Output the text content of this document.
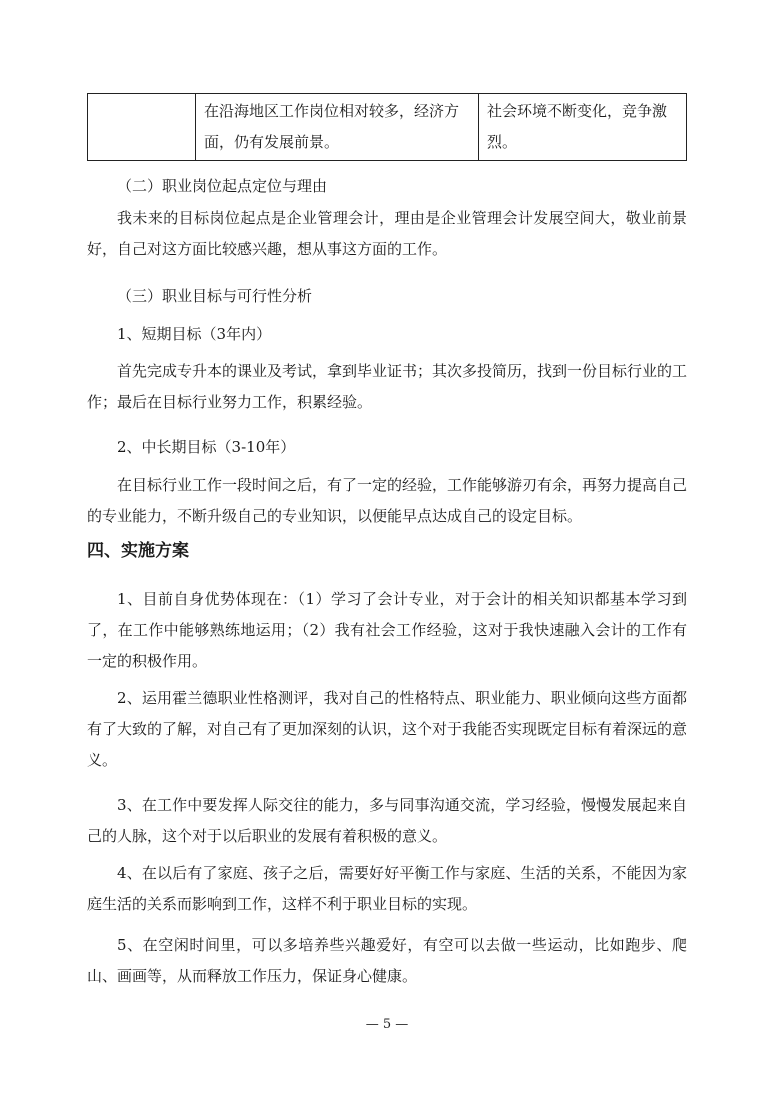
	在沿海地区工作岗位相对较多，经济方面，仍有发展前景。	社会环境不断变化，竞争激烈。

（二）职业岗位起点定位与理由

我未来的目标岗位起点是企业管理会计，理由是企业管理会计发展空间大，敬业前景好，自己对这方面比较感兴趣，想从事这方面的工作。

（三）职业目标与可行性分析

1、短期目标（3年内）

首先完成专升本的课业及考试，拿到毕业证书；其次多投简历，找到一份目标行业的工作；最后在目标行业努力工作，积累经验。

2、中长期目标（3-10年）

在目标行业工作一段时间之后，有了一定的经验，工作能够游刃有余，再努力提高自己的专业能力，不断升级自己的专业知识，以便能早点达成自己的设定目标。

四、实施方案

1、目前自身优势体现在：（1）学习了会计专业，对于会计的相关知识都基本学习到了，在工作中能够熟练地运用；（2）我有社会工作经验，这对于我快速融入会计的工作有一定的积极作用。

2、运用霍兰德职业性格测评，我对自己的性格特点、职业能力、职业倾向这些方面都有了大致的了解，对自己有了更加深刻的认识，这个对于我能否实现既定目标有着深远的意义。

3、在工作中要发挥人际交往的能力，多与同事沟通交流，学习经验，慢慢发展起来自己的人脉，这个对于以后职业的发展有着积极的意义。

4、在以后有了家庭、孩子之后，需要好好平衡工作与家庭、生活的关系，不能因为家庭生活的关系而影响到工作，这样不利于职业目标的实现。

5、在空闲时间里，可以多培养些兴趣爱好，有空可以去做一些运动，比如跑步、爬山、画画等，从而释放工作压力，保证身心健康。

— 5 —
